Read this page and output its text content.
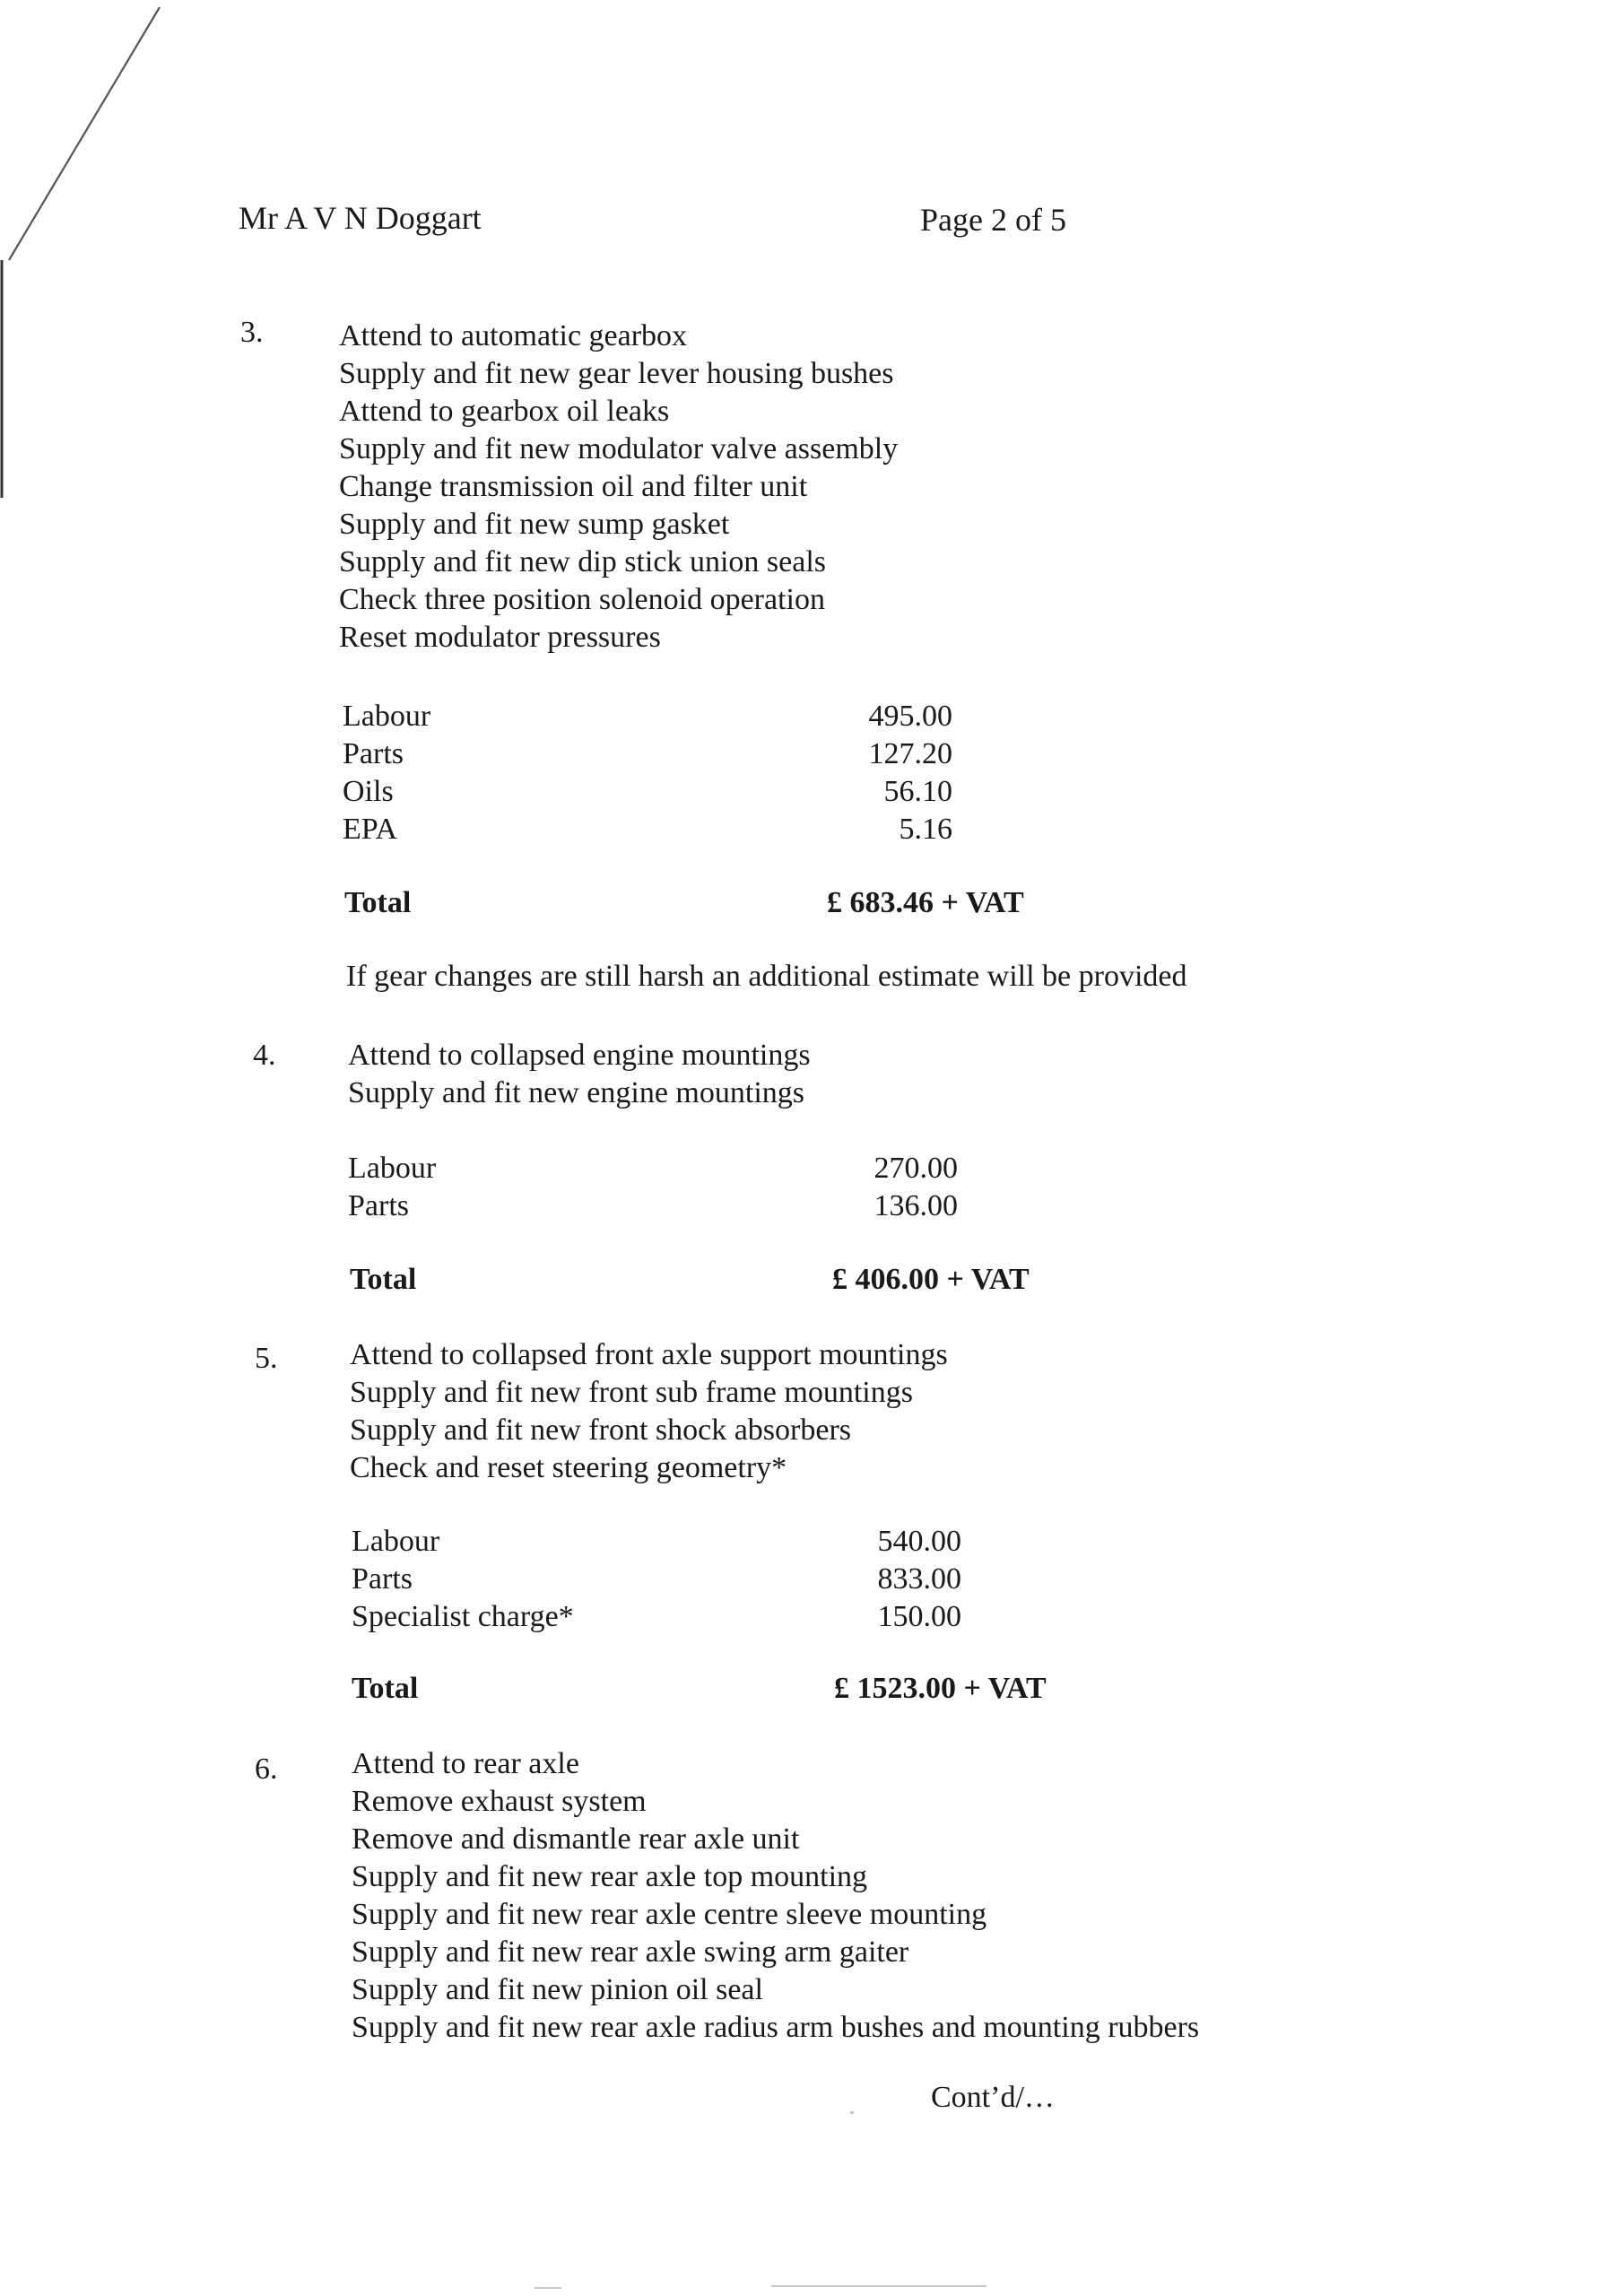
Mr A V N Doggart	Page 2 of 5
3. Attend to automatic gearbox
Supply and fit new gear lever housing bushes
Attend to gearbox oil leaks
Supply and fit new modulator valve assembly
Change transmission oil and filter unit
Supply and fit new sump gasket
Supply and fit new dip stick union seals
Check three position solenoid operation
Reset modulator pressures
Labour	495.00
Parts	127.20
Oils	56.10
EPA	5.16
Total	£ 683.46 + VAT
If gear changes are still harsh an additional estimate will be provided
4. Attend to collapsed engine mountings
Supply and fit new engine mountings
Labour	270.00
Parts	136.00
Total	£ 406.00 + VAT
5. Attend to collapsed front axle support mountings
Supply and fit new front sub frame mountings
Supply and fit new front shock absorbers
Check and reset steering geometry*
Labour	540.00
Parts	833.00
Specialist charge*	150.00
Total	£ 1523.00 + VAT
6. Attend to rear axle
Remove exhaust system
Remove and dismantle rear axle unit
Supply and fit new rear axle top mounting
Supply and fit new rear axle centre sleeve mounting
Supply and fit new rear axle swing arm gaiter
Supply and fit new pinion oil seal
Supply and fit new rear axle radius arm bushes and mounting rubbers
Cont’d/…
